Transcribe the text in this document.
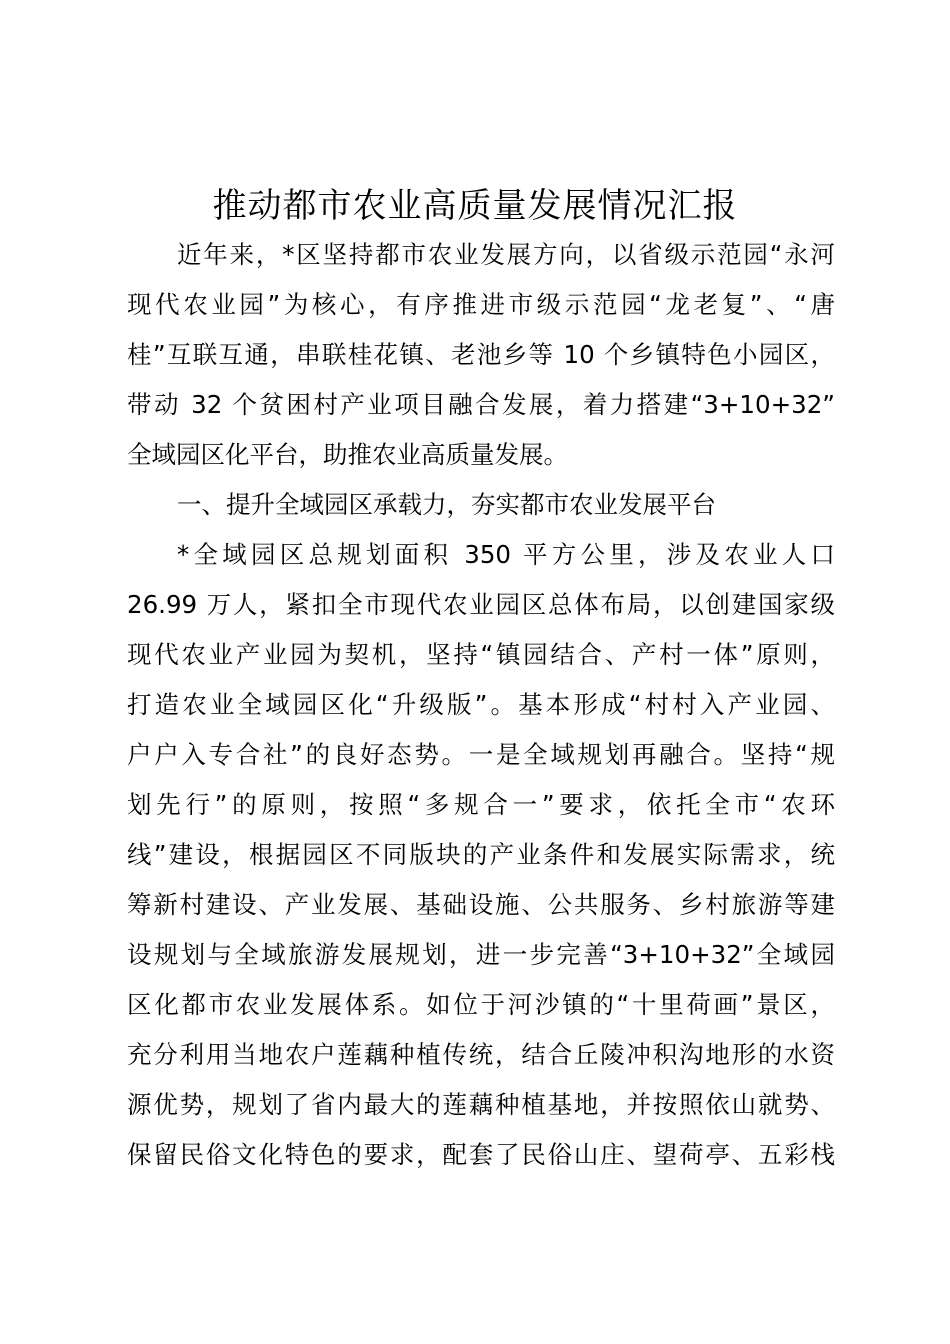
推动都市农业高质量发展情况汇报
近年来，*区坚持都市农业发展方向，以省级示范园“永河
现代农业园”为核心，有序推进市级示范园“龙老复”、“唐
桂”互联互通，串联桂花镇、老池乡等 10 个乡镇特色小园区，
带动 32 个贫困村产业项目融合发展，着力搭建“3+10+32”
全域园区化平台，助推农业高质量发展。
一、提升全域园区承载力，夯实都市农业发展平台
*全域园区总规划面积 350 平方公里，涉及农业人口
26.99 万人，紧扣全市现代农业园区总体布局，以创建国家级
现代农业产业园为契机，坚持“镇园结合、产村一体”原则，
打造农业全域园区化“升级版”。基本形成“村村入产业园、
户户入专合社”的良好态势。一是全域规划再融合。坚持“规
划先行”的原则，按照“多规合一”要求，依托全市“农环
线”建设，根据园区不同版块的产业条件和发展实际需求，统
筹新村建设、产业发展、基础设施、公共服务、乡村旅游等建
设规划与全域旅游发展规划，进一步完善“3+10+32”全域园
区化都市农业发展体系。如位于河沙镇的“十里荷画”景区，
充分利用当地农户莲藕种植传统，结合丘陵冲积沟地形的水资
源优势，规划了省内最大的莲藕种植基地，并按照依山就势、
保留民俗文化特色的要求，配套了民俗山庄、望荷亭、五彩栈
